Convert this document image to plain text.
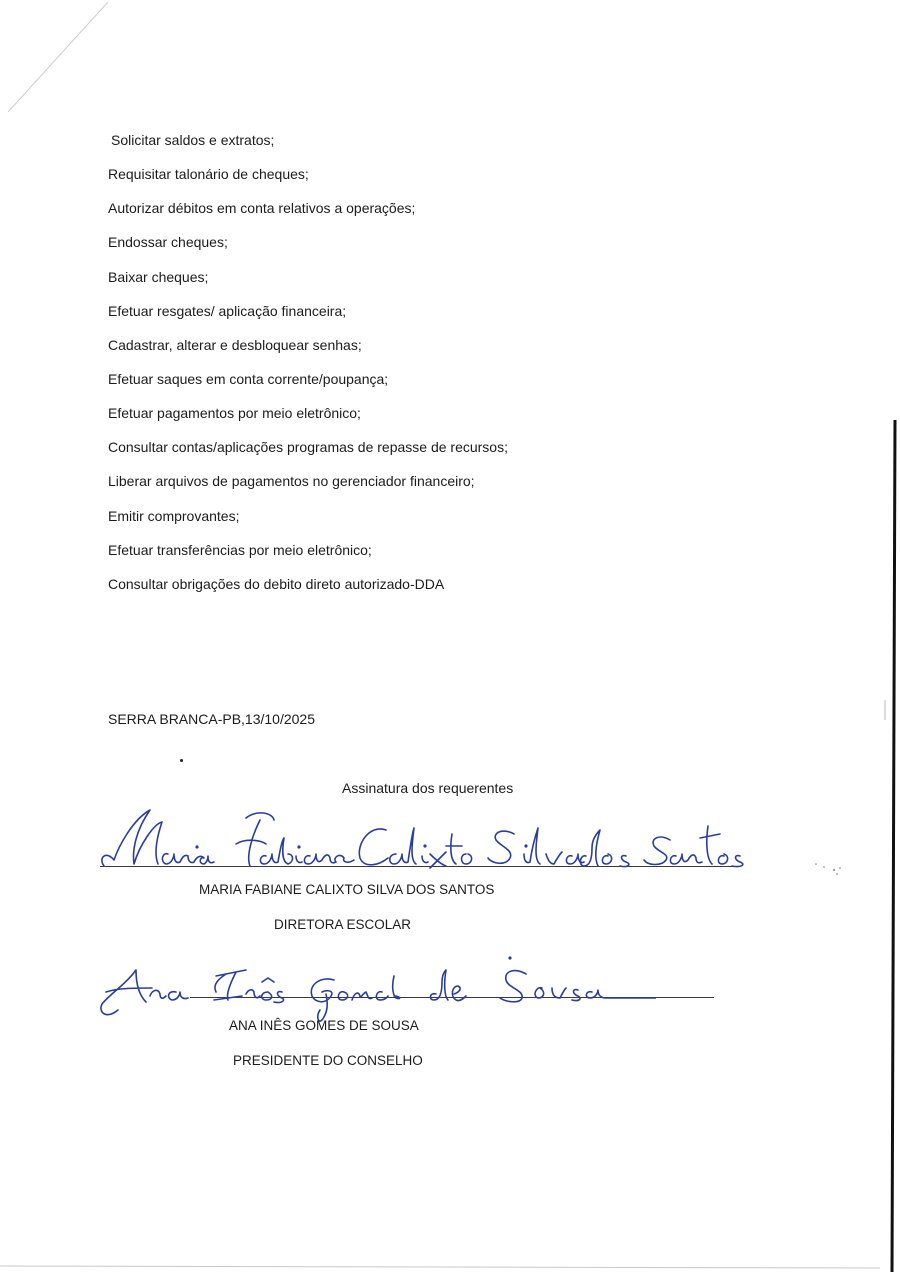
Solicitar saldos e extratos;
Requisitar talonário de cheques;
Autorizar débitos em conta relativos a operações;
Endossar cheques;
Baixar cheques;
Efetuar resgates/ aplicação financeira;
Cadastrar, alterar e desbloquear senhas;
Efetuar saques em conta corrente/poupança;
Efetuar pagamentos por meio eletrônico;
Consultar contas/aplicações programas de repasse de recursos;
Liberar arquivos de pagamentos no gerenciador financeiro;
Emitir comprovantes;
Efetuar transferências por meio eletrônico;
Consultar obrigações do debito direto autorizado-DDA
SERRA BRANCA-PB,13/10/2025
Assinatura dos requerentes
MARIA FABIANE CALIXTO SILVA DOS SANTOS
DIRETORA ESCOLAR
ANA INÊS GOMES DE SOUSA
PRESIDENTE DO CONSELHO
